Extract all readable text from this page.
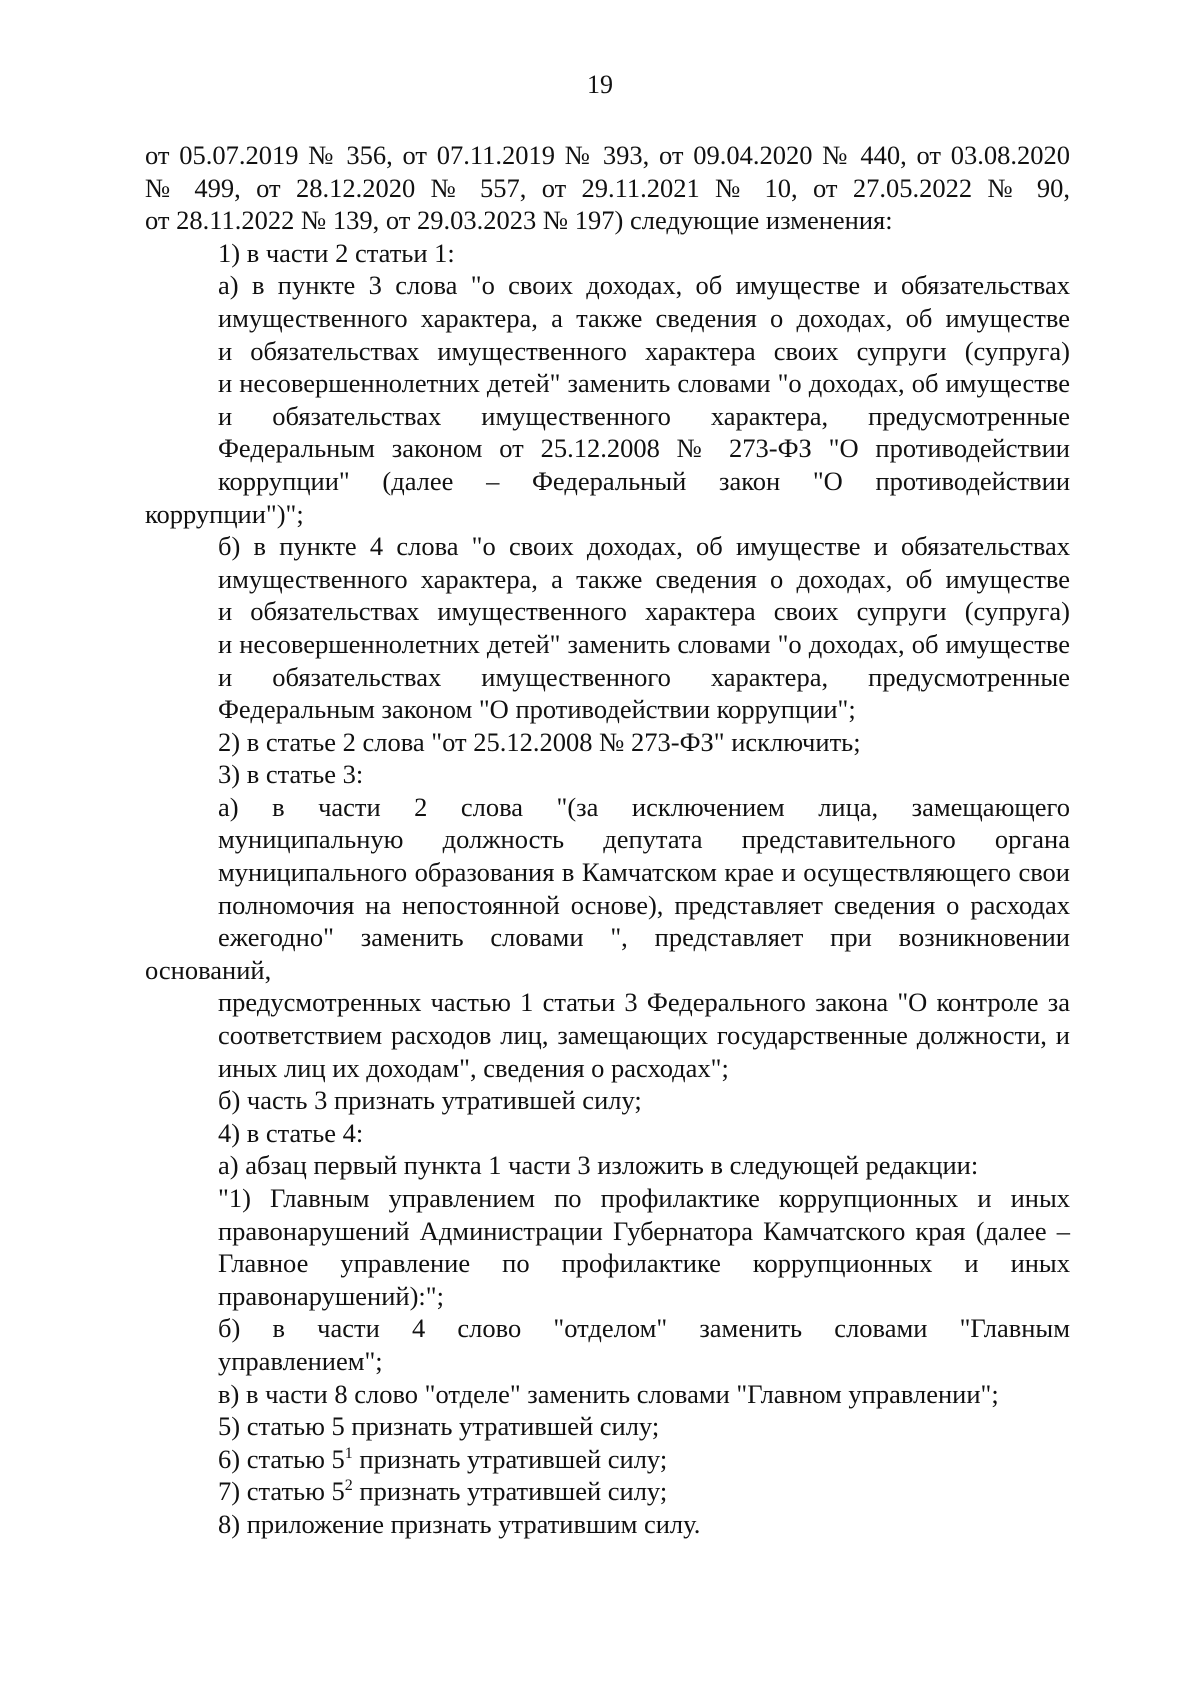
19

от 05.07.2019 № 356, от 07.11.2019 № 393, от 09.04.2020 № 440, от 03.08.2020
№ 499, от 28.12.2020 № 557, от 29.11.2021 № 10, от 27.05.2022 № 90,
от 28.11.2022 № 139, от 29.03.2023 № 197) следующие изменения:

1) в части 2 статьи 1:

а) в пункте 3 слова "о своих доходах, об имуществе и обязательствах
имущественного характера, а также сведения о доходах, об имуществе
и обязательствах имущественного характера своих супруги (супруга)
и несовершеннолетних детей" заменить словами "о доходах, об имуществе
и обязательствах имущественного характера, предусмотренные
Федеральным законом от 25.12.2008 № 273-ФЗ "О противодействии
коррупции" (далее – Федеральный закон "О противодействии коррупции")";

б) в пункте 4 слова "о своих доходах, об имуществе и обязательствах
имущественного характера, а также сведения о доходах, об имуществе
и обязательствах имущественного характера своих супруги (супруга)
и несовершеннолетних детей" заменить словами "о доходах, об имуществе
и обязательствах имущественного характера, предусмотренные
Федеральным законом "О противодействии коррупции";

2) в статье 2 слова "от 25.12.2008 № 273-ФЗ" исключить;

3) в статье 3:

а) в части 2 слова "(за исключением лица, замещающего
муниципальную должность депутата представительного органа
муниципального образования в Камчатском крае и осуществляющего свои
полномочия на непостоянной основе), представляет сведения о расходах
ежегодно" заменить словами ", представляет при возникновении оснований,
предусмотренных частью 1 статьи 3 Федерального закона "О контроле за
соответствием расходов лиц, замещающих государственные должности, и
иных лиц их доходам", сведения о расходах";

б) часть 3 признать утратившей силу;

4) в статье 4:

а) абзац первый пункта 1 части 3 изложить в следующей редакции:

"1) Главным управлением по профилактике коррупционных и иных
правонарушений Администрации Губернатора Камчатского края (далее –
Главное управление по профилактике коррупционных и иных
правонарушений):";

б) в части 4 слово "отделом" заменить словами "Главным
управлением";

в) в части 8 слово "отделе" заменить словами "Главном управлении";

5) статью 5 признать утратившей силу;

6) статью $5^1$ признать утратившей силу;

7) статью $5^2$ признать утратившей силу;

8) приложение признать утратившим силу.
